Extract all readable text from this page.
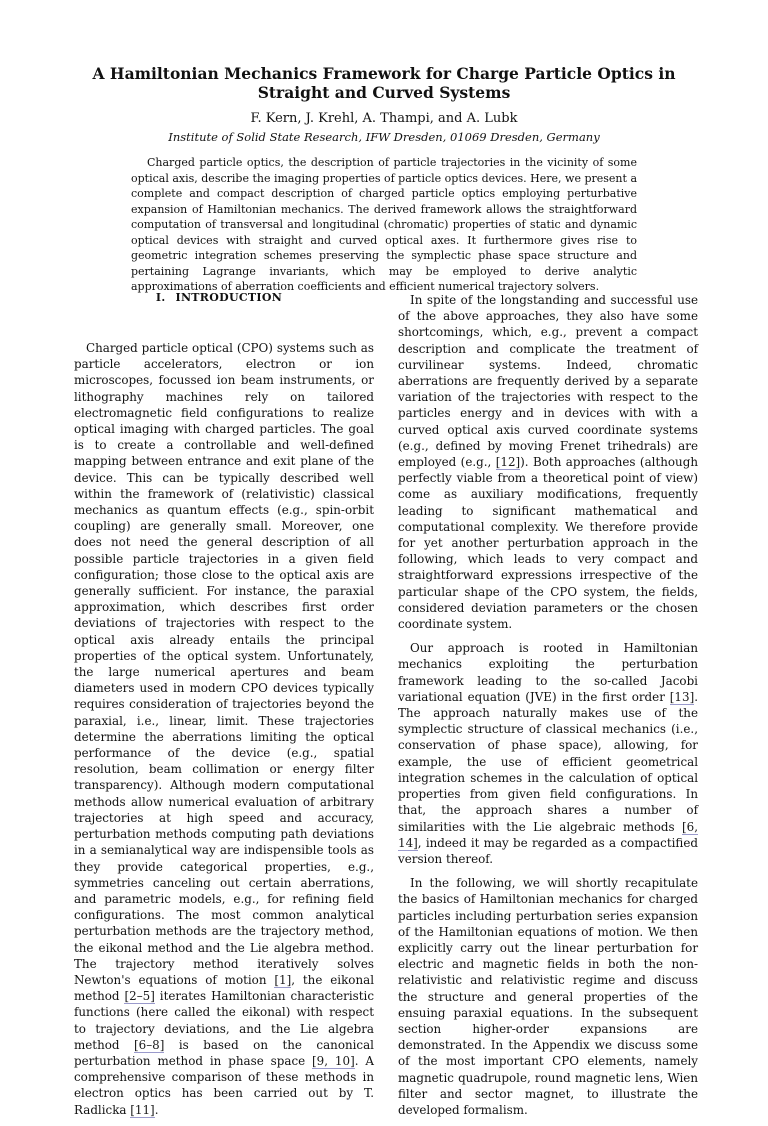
A Hamiltonian Mechanics Framework for Charge Particle Optics in Straight and Curved Systems
F. Kern, J. Krehl, A. Thampi, and A. Lubk
Institute of Solid State Research, IFW Dresden, 01069 Dresden, Germany

Charged particle optics, the description of particle trajectories in the vicinity of some optical axis, describe the imaging properties of particle optics devices. Here, we present a complete and compact description of charged particle optics employing perturbative expansion of Hamiltonian mechanics. The derived framework allows the straightforward computation of transversal and longitudinal (chromatic) properties of static and dynamic optical devices with straight and curved optical axes. It furthermore gives rise to geometric integration schemes preserving the symplectic phase space structure and pertaining Lagrange invariants, which may be employed to derive analytic approximations of aberration coefficients and efficient numerical trajectory solvers.

I. INTRODUCTION

Charged particle optical (CPO) systems such as particle accelerators, electron or ion microscopes, focussed ion beam instruments, or lithography machines rely on tailored electromagnetic field configurations to realize optical imaging with charged particles. The goal is to create a controllable and well-defined mapping between entrance and exit plane of the device. This can be typically described well within the framework of (relativistic) classical mechanics as quantum effects (e.g., spin-orbit coupling) are generally small. Moreover, one does not need the general description of all possible particle trajectories in a given field configuration; those close to the optical axis are generally sufficient. For instance, the paraxial approximation, which describes first order deviations of trajectories with respect to the optical axis already entails the principal properties of the optical system. Unfortunately, the large numerical apertures and beam diameters used in modern CPO devices typically requires consideration of trajectories beyond the paraxial, i.e., linear, limit. These trajectories determine the aberrations limiting the optical performance of the device (e.g., spatial resolution, beam collimation or energy filter transparency). Although modern computational methods allow numerical evaluation of arbitrary trajectories at high speed and accuracy, perturbation methods computing path deviations in a semianalytical way are indispensible tools as they provide categorical properties, e.g., symmetries canceling out certain aberrations, and parametric models, e.g., for refining field configurations. The most common analytical perturbation methods are the trajectory method, the eikonal method and the Lie algebra method. The trajectory method iteratively solves Newton's equations of motion [1], the eikonal method [2–5] iterates Hamiltonian characteristic functions (here called the eikonal) with respect to trajectory deviations, and the Lie algebra method [6–8] is based on the canonical perturbation method in phase space [9, 10]. A comprehensive comparison of these methods in electron optics has been carried out by T. Radlicka [11].

In spite of the longstanding and successful use of the above approaches, they also have some shortcomings, which, e.g., prevent a compact description and complicate the treatment of curvilinear systems. Indeed, chromatic aberrations are frequently derived by a separate variation of the trajectories with respect to the particles energy and in devices with with a curved optical axis curved coordinate systems (e.g., defined by moving Frenet trihedrals) are employed (e.g., [12]). Both approaches (although perfectly viable from a theoretical point of view) come as auxiliary modifications, frequently leading to significant mathematical and computational complexity. We therefore provide for yet another perturbation approach in the following, which leads to very compact and straightforward expressions irrespective of the particular shape of the CPO system, the fields, considered deviation parameters or the chosen coordinate system.

Our approach is rooted in Hamiltonian mechanics exploiting the perturbation framework leading to the so-called Jacobi variational equation (JVE) in the first order [13]. The approach naturally makes use of the symplectic structure of classical mechanics (i.e., conservation of phase space), allowing, for example, the use of efficient geometrical integration schemes in the calculation of optical properties from given field configurations. In that, the approach shares a number of similarities with the Lie algebraic methods [6, 14], indeed it may be regarded as a compactified version thereof.

In the following, we will shortly recapitulate the basics of Hamiltonian mechanics for charged particles including perturbation series expansion of the Hamiltonian equations of motion. We then explicitly carry out the linear perturbation for electric and magnetic fields in both the non-relativistic and relativistic regime and discuss the structure and general properties of the ensuing paraxial equations. In the subsequent section higher-order expansions are demonstrated. In the Appendix we discuss some of the most important CPO elements, namely magnetic quadrupole, round magnetic lens, Wien filter and sector magnet, to illustrate the developed formalism.
